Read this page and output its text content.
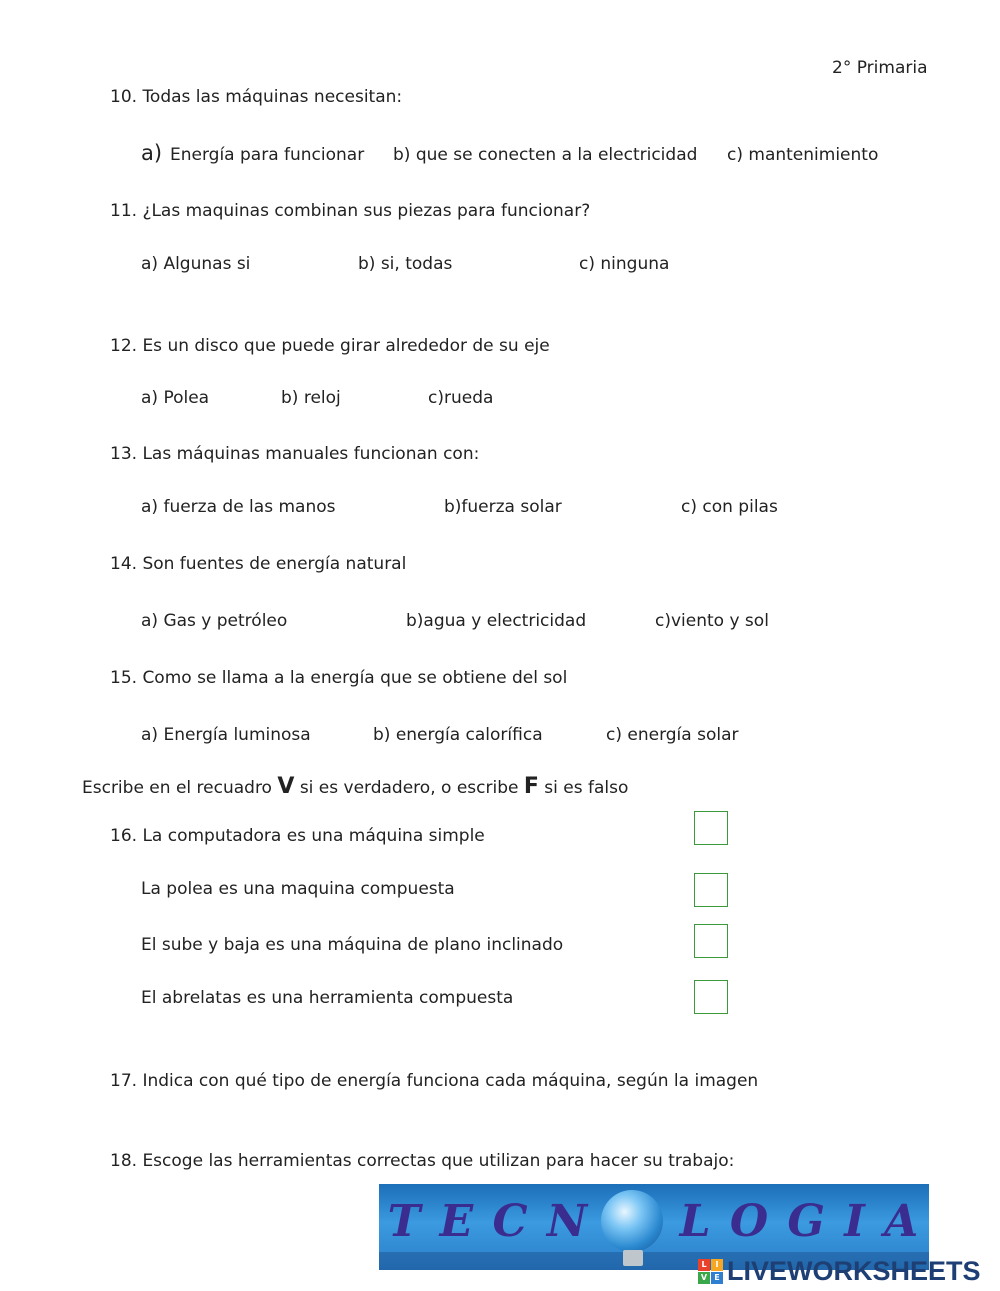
2° Primaria
10. Todas las máquinas necesitan:
a) Energía para funcionar b) que se conecten a la electricidad c) mantenimiento
11. ¿Las maquinas combinan sus piezas para funcionar?
a) Algunas si	b) si, todas	c) ninguna
12. Es un disco que puede girar alrededor de su eje
a) Polea	b) reloj	c)rueda
13. Las máquinas manuales funcionan con:
a) fuerza de las manos	b)fuerza solar	c) con pilas
14. Son fuentes de energía natural
a) Gas y petróleo	b)agua y electricidad	c)viento y sol
15. Como se llama a la energía que se obtiene del sol
a) Energía luminosa	b) energía calorífica	c) energía solar
Escribe en el recuadro V si es verdadero, o escribe F si es falso
16. La computadora es una máquina simple
La polea es una maquina compuesta
El sube y baja es una máquina de plano inclinado
El abrelatas es una herramienta compuesta
17. Indica con qué tipo de energía funciona cada máquina, según la imagen
18. Escoge las herramientas correctas que utilizan para hacer su trabajo:
T E C N L O G I A
L	I
V E LIVEWORKSHEETS
